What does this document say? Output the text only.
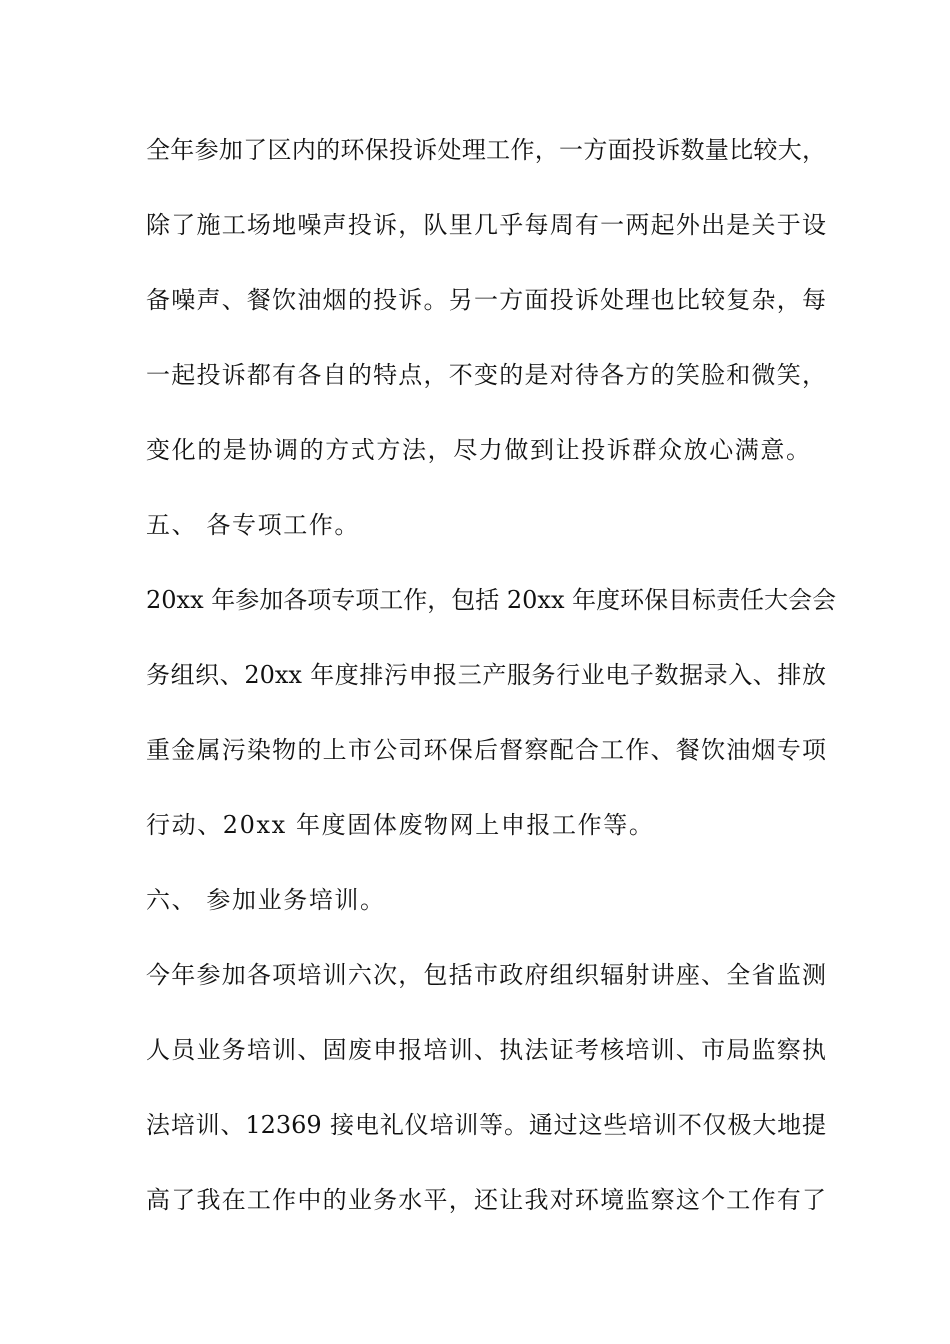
全年参加了区内的环保投诉处理工作，一方面投诉数量比较大，
除了施工场地噪声投诉，队里几乎每周有一两起外出是关于设
备噪声、餐饮油烟的投诉。另一方面投诉处理也比较复杂，每
一起投诉都有各自的特点，不变的是对待各方的笑脸和微笑，
变化的是协调的方式方法，尽力做到让投诉群众放心满意。
五、 各专项工作。
20xx 年参加各项专项工作，包括 20xx 年度环保目标责任大会会
务组织、20xx 年度排污申报三产服务行业电子数据录入、排放
重金属污染物的上市公司环保后督察配合工作、餐饮油烟专项
行动、20xx 年度固体废物网上申报工作等。
六、 参加业务培训。
今年参加各项培训六次，包括市政府组织辐射讲座、全省监测
人员业务培训、固废申报培训、执法证考核培训、市局监察执
法培训、12369 接电礼仪培训等。通过这些培训不仅极大地提
高了我在工作中的业务水平，还让我对环境监察这个工作有了
